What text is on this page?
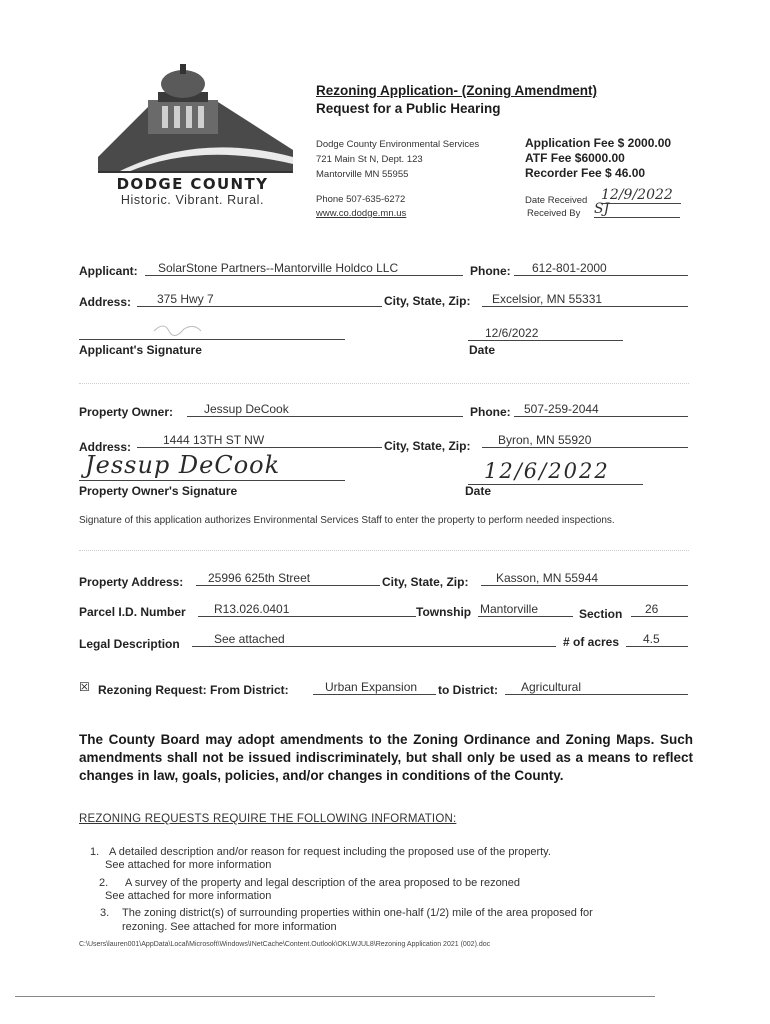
DODGE COUNTY
Historic. Vibrant. Rural.
Rezoning Application- (Zoning Amendment)
Request for a Public Hearing
Dodge County Environmental Services
721 Main St N, Dept. 123
Mantorville MN 55955
Phone 507-635-6272
www.co.dodge.mn.us
Application Fee $ 2000.00
ATF Fee $6000.00
Recorder Fee $ 46.00
Date Received 12/9/2022
Received By SJ
Applicant:	SolarStone Partners--Mantorville Holdco LLC	Phone:	612-801-2000
Address:	375 Hwy 7	City, State, Zip:	Excelsior, MN 55331
Applicant's Signature
12/6/2022
Date
Property Owner:	Jessup DeCook	Phone:	507-259-2044
Address:	1444 13TH ST NW	City, State, Zip:	Byron, MN 55920
Jessup DeCook
Property Owner's Signature
12/6/2022
Date
Signature of this application authorizes Environmental Services Staff to enter the property to perform needed inspections.
Property Address:	25996 625th Street	City, State, Zip:	Kasson, MN 55944
Parcel I.D. Number	R13.026.0401	Township Mantorville	Section	26
Legal Description	See attached	# of acres	4.5
☒ Rezoning Request: From District:	Urban Expansion	to District:	Agricultural
The County Board may adopt amendments to the Zoning Ordinance and Zoning Maps. Such amendments shall not be issued indiscriminately, but shall only be used as a means to reflect changes in law, goals, policies, and/or changes in conditions of the County.
REZONING REQUESTS REQUIRE THE FOLLOWING INFORMATION:
1. A detailed description and/or reason for request including the proposed use of the property.
See attached for more information
2. A survey of the property and legal description of the area proposed to be rezoned
See attached for more information
3. The zoning district(s) of surrounding properties within one-half (1/2) mile of the area proposed for
rezoning. See attached for more information
C:\Users\lauren001\AppData\Local\Microsoft\Windows\INetCache\Content.Outlook\OKLWJUL8\Rezoning Application 2021 (002).doc
